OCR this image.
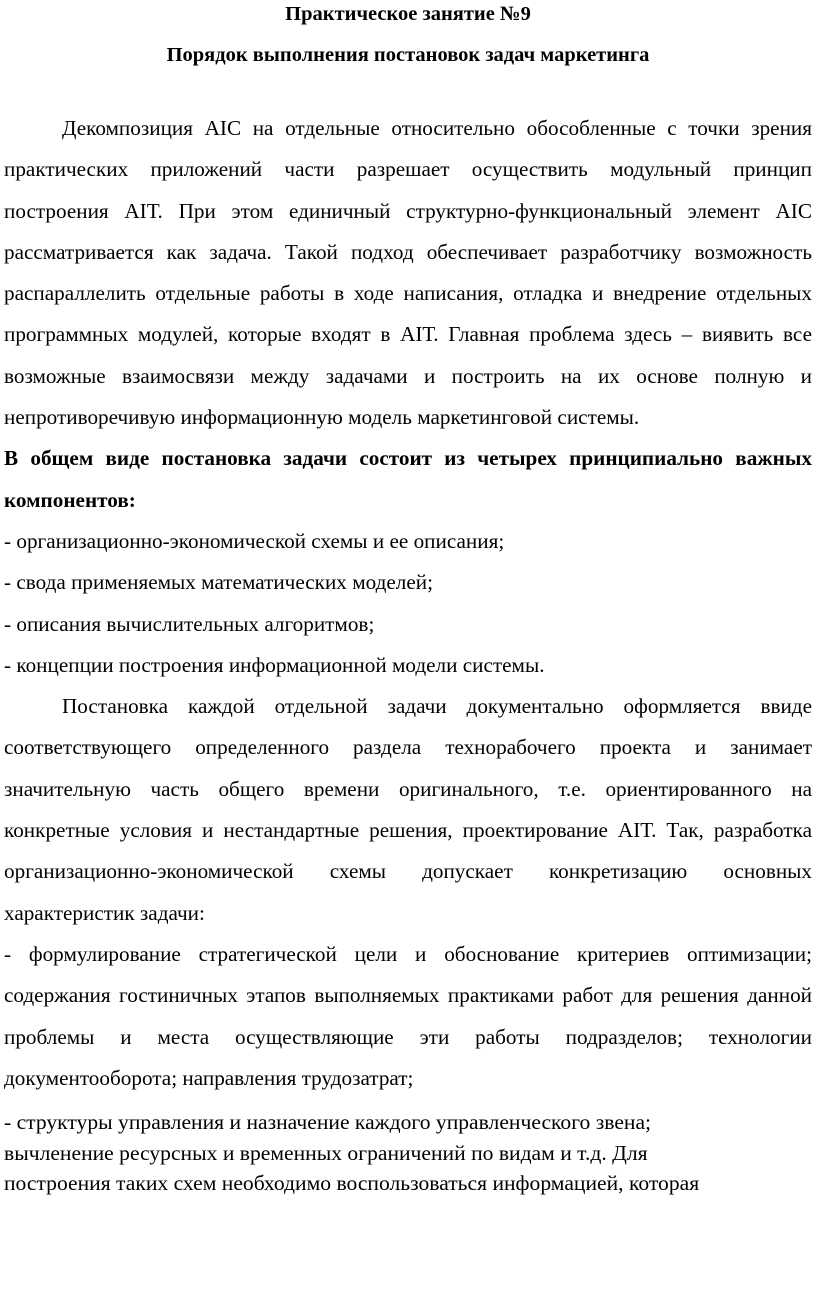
Практическое занятие №9

Порядок выполнения постановок задач маркетинга

Декомпозиция АІС на отдельные относительно обособленные с точки зрения практических приложений части разрешает осуществить модульный принцип построения АІТ. При этом единичный структурно-функциональный элемент АІС рассматривается как задача. Такой подход обеспечивает разработчику возможность распараллелить отдельные работы в ходе написания, отладка и внедрение отдельных программных модулей, которые входят в АІТ. Главная проблема здесь – виявить все возможные взаимосвязи между задачами и построить на их основе полную и непротиворечивую информационную модель маркетинговой системы.

В общем виде постановка задачи состоит из четырех принципиально важных компонентов:

- организационно-экономической схемы и ее описания;

- свода применяемых математических моделей;

- описания вычислительных алгоритмов;

- концепции построения информационной модели системы.

Постановка каждой отдельной задачи документально оформляется ввиде соответствующего определенного раздела технорабочего проекта и занимает значительную часть общего времени оригинального, т.е. ориентированного на конкретные условия и нестандартные решения, проектирование АІТ. Так, разработка организационно-экономической схемы допускает конкретизацию основных характеристик задачи:

- формулирование стратегической цели и обоснование критериев оптимизации; содержания гостиничных этапов выполняемых практиками работ для решения данной проблемы и места осуществляющие эти работы подразделов; технологии документооборота; направления трудозатрат;

- структуры управления и назначение каждого управленческого звена;

вычленение ресурсных и временных ограничений по видам и т.д. Для

построения таких схем необходимо воспользоваться информацией, которая
